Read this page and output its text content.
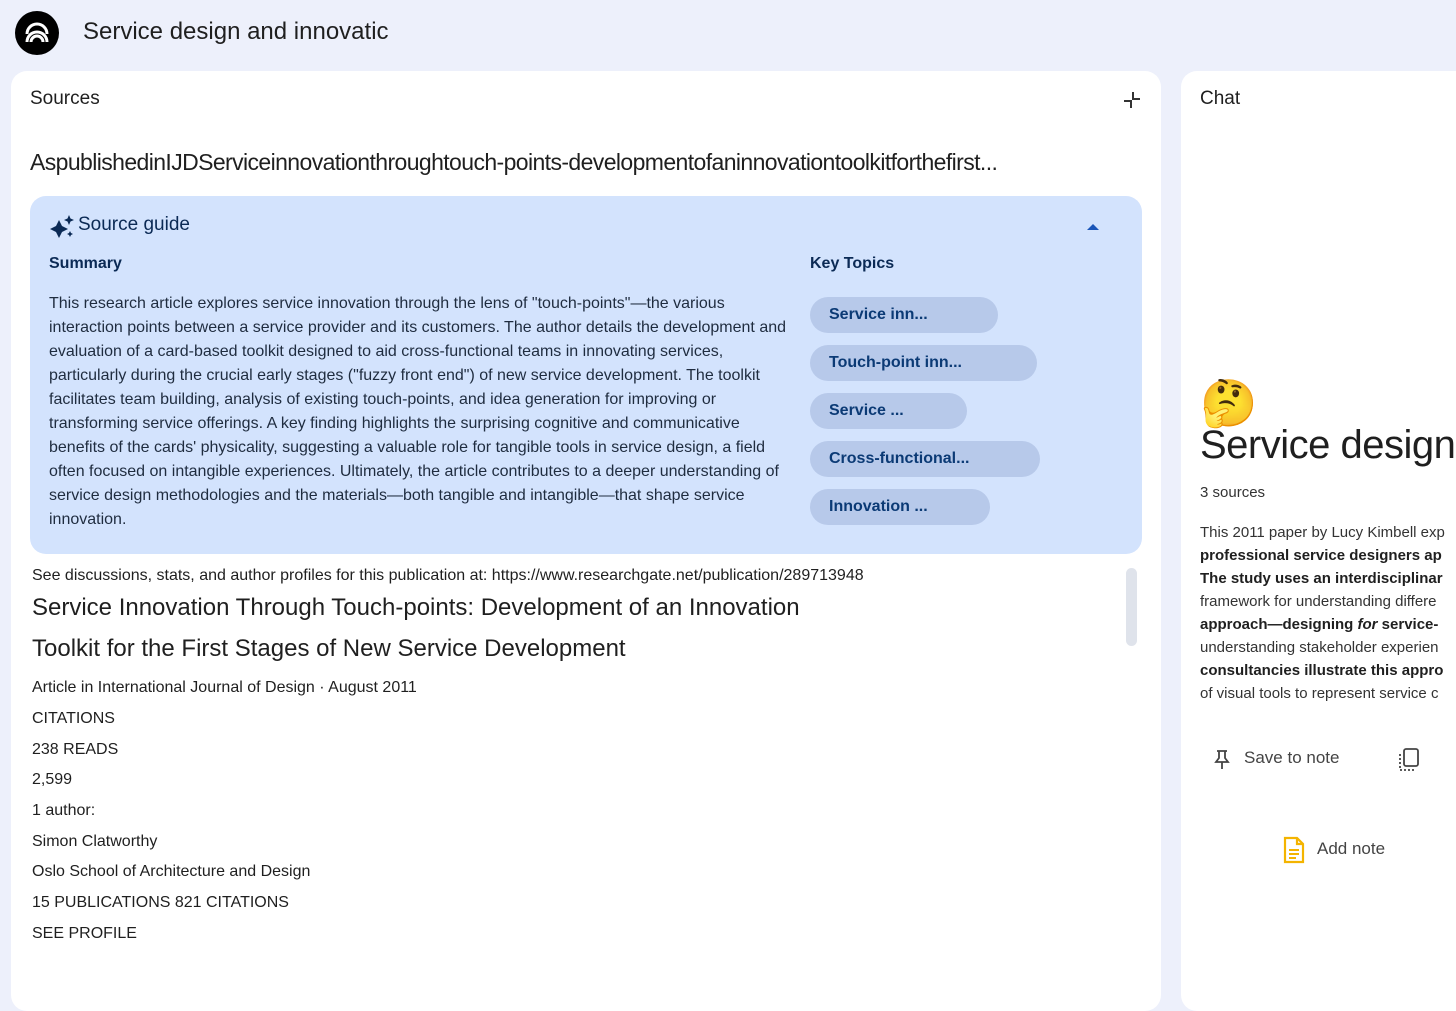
Service design and innovatic
Sources
AspublishedinIJDServiceinnovationthroughtouch-points-developmentofaninnovationtoolkitforthefirst...
Source guide
Summary
This research article explores service innovation through the lens of "touch-points"—the various interaction points between a service provider and its customers. The author details the development and evaluation of a card-based toolkit designed to aid cross-functional teams in innovating services, particularly during the crucial early stages ("fuzzy front end") of new service development. The toolkit facilitates team building, analysis of existing touch-points, and idea generation for improving or transforming service offerings. A key finding highlights the surprising cognitive and communicative benefits of the cards' physicality, suggesting a valuable role for tangible tools in service design, a field often focused on intangible experiences. Ultimately, the article contributes to a deeper understanding of service design methodologies and the materials—both tangible and intangible—that shape service innovation.
Key Topics
Service inn...
Touch-point inn...
Service ...
Cross-functional...
Innovation ...
See discussions, stats, and author profiles for this publication at: https://www.researchgate.net/publication/289713948
Service Innovation Through Touch-points: Development of an Innovation
Toolkit for the First Stages of New Service Development
Article in International Journal of Design · August 2011
CITATIONS
238 READS
2,599
1 author:
Simon Clatworthy
Oslo School of Architecture and Design
15 PUBLICATIONS 821 CITATIONS
SEE PROFILE
Chat
🤔
Service design
3 sources
This 2011 paper by Lucy Kimbell exp
professional service designers ap
The study uses an interdisciplinar
framework for understanding differe
approach—designing for service-
understanding stakeholder experien
consultancies illustrate this appro
of visual tools to represent service c
Save to note
Add note
